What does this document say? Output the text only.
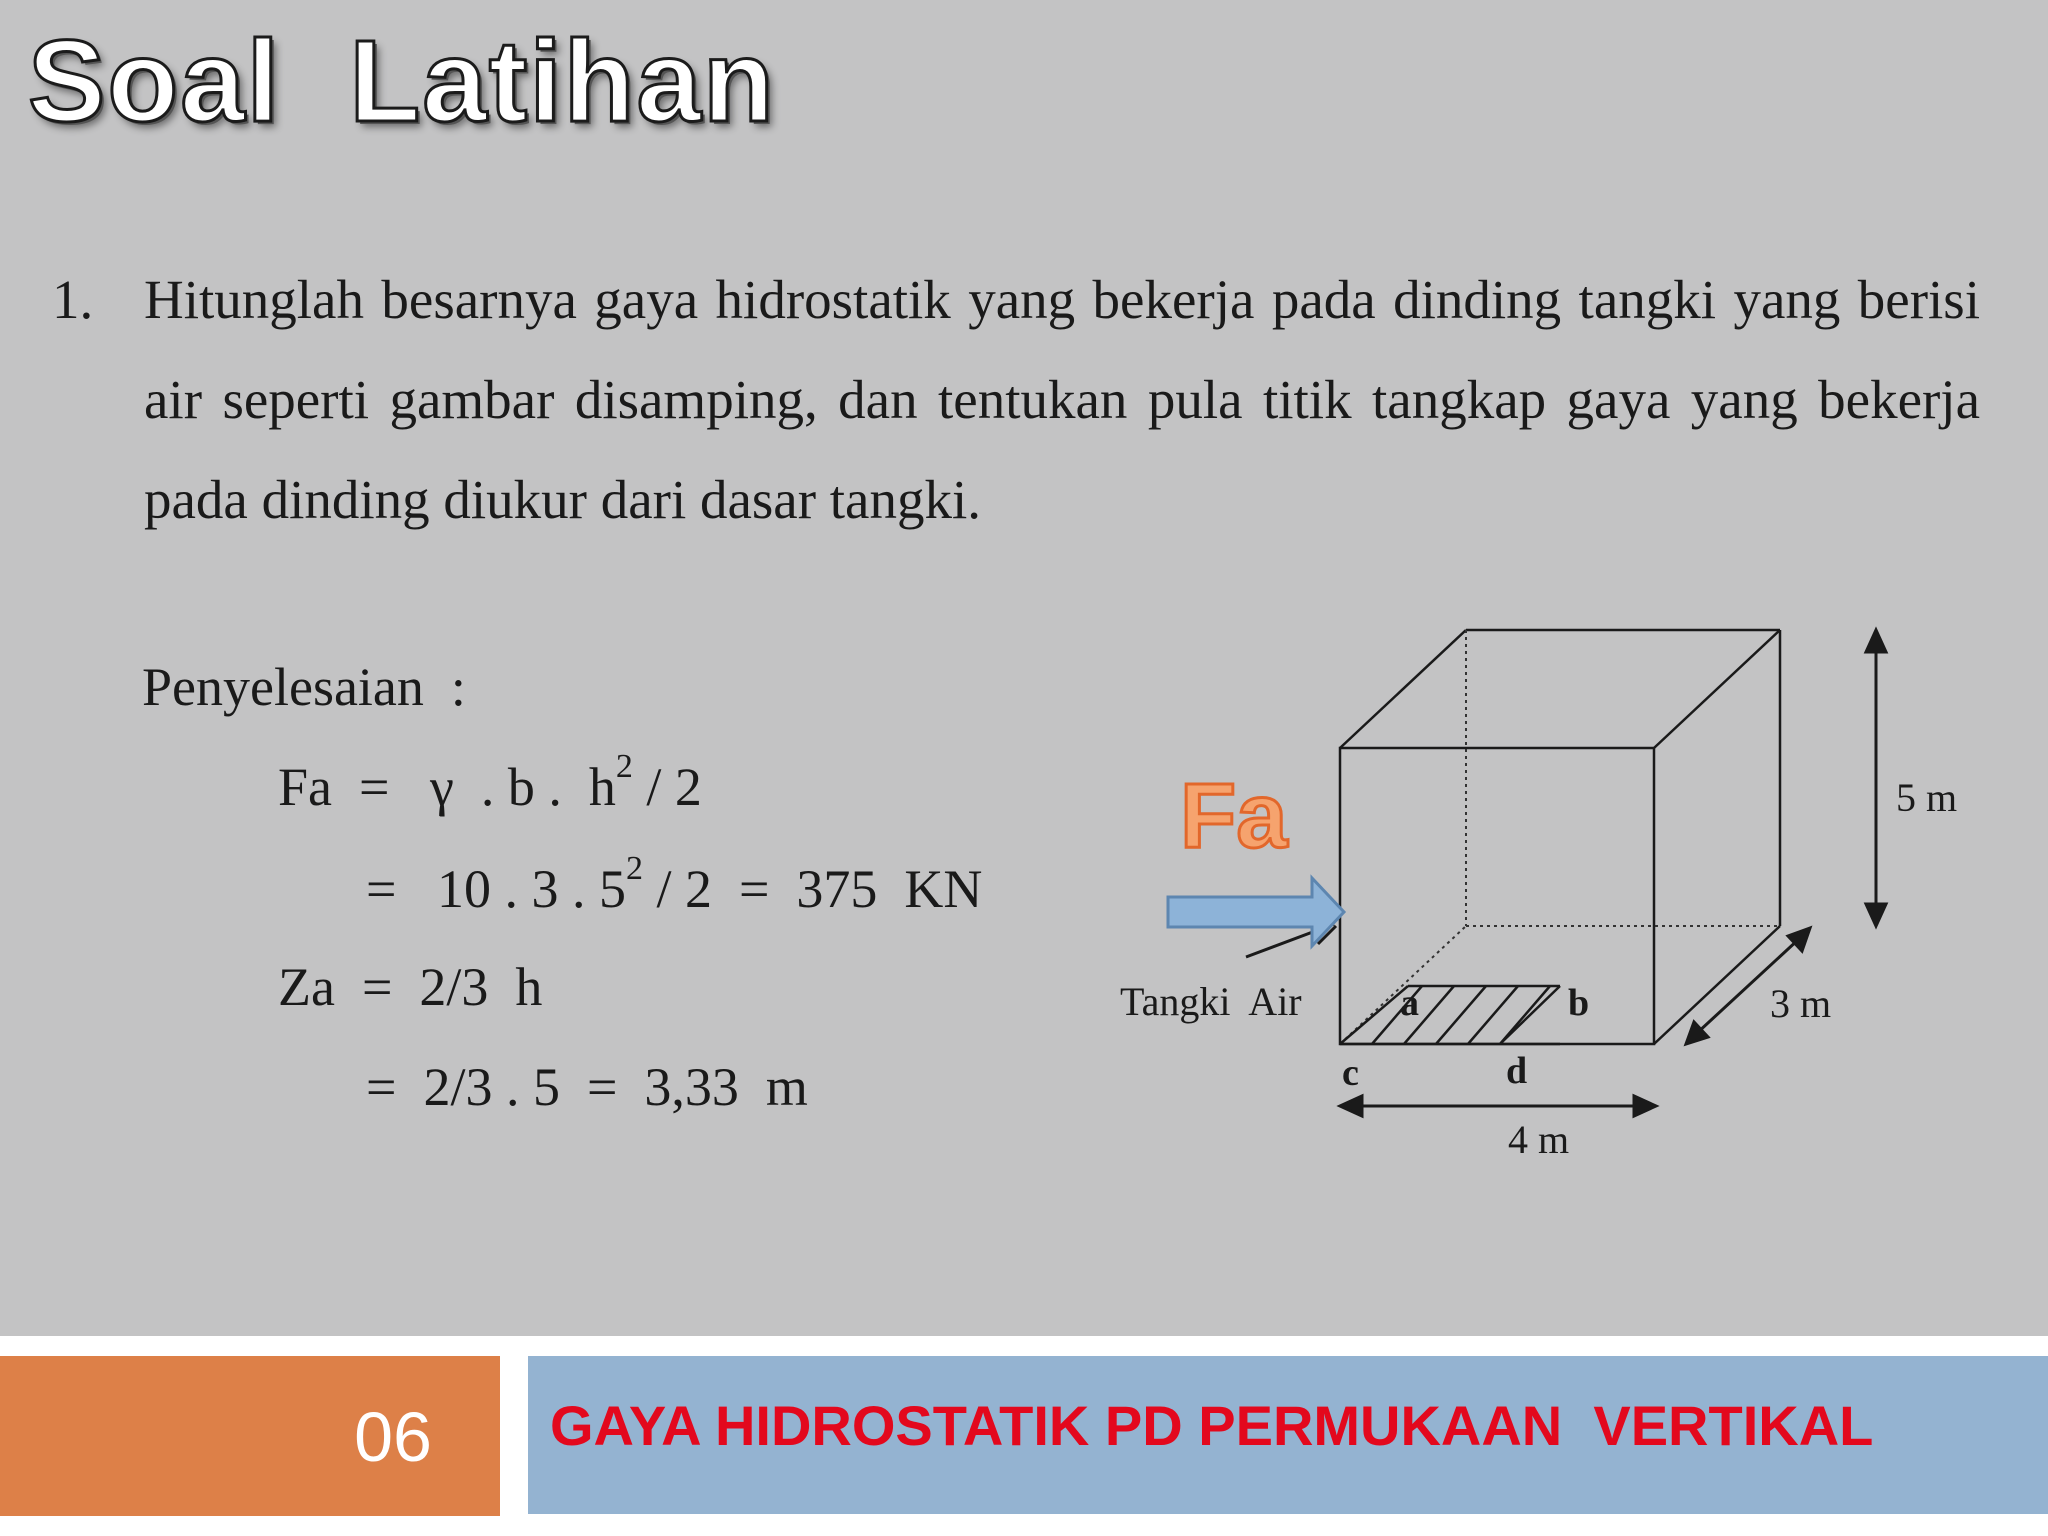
Soal  Latihan
1. Hitunglah besarnya gaya hidrostatik yang bekerja pada dinding tangki yang berisi air seperti gambar disamping, dan tentukan pula titik tangkap gaya yang bekerja pada dinding diukur dari dasar tangki.
Penyelesaian  :
Fa  =   γ  . b .  $h^2 / 2$
=   10 . 3 . $5^2 / 2 = 375$  KN
Za  =  2/3  h
=  2/3 . 5  =  3,33  m
Fa
Tangki  Air
5 m
3 m
4 m
a	b
c	d
06 GAYA HIDROSTATIK PD PERMUKAAN  VERTIKAL
